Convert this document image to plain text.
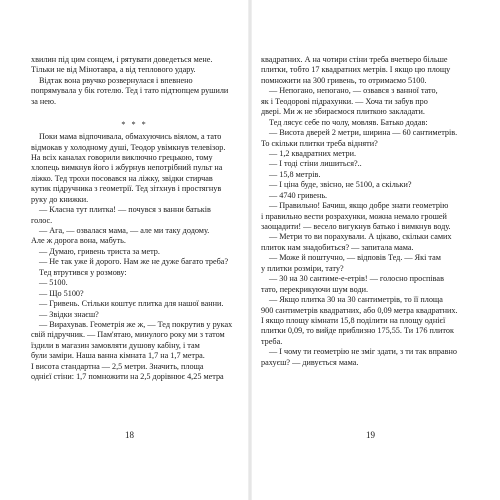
хвилин під цим сонцем, і рятувати доведеться мене.
Тільки не від Мінотавра, а від теплового удару.
Відтак вона рвучко розвернулася і впевнено
попрямувала у бік готелю. Тед і тато підтюпцем рушили
за нею.
* * *
Поки мама відпочивала, обмахуючись віялом, а тато
відмокав у холодному душі, Теодор увімкнув телевізор.
На всіх каналах говорили виключно грецькою, тому
хлопець вимкнув його і жбурнув непотрібний пульт на
ліжко. Тед трохи посовався на ліжку, звідки стирчав
кутик підручника з геометрії. Тед зітхнув і простягнув
руку до книжки.
— Класна тут плитка! — почувся з ванни батьків
голос.
— Ага, — озвалася мама, — але ми таку додому.
Але ж дорога вона, мабуть.
— Думаю, гривень триста за метр.
— Не так уже й дорого. Нам же не дуже багато треба?
Тед втрутився у розмову:
— 5100.
— Що 5100?
— Гривень. Стільки коштує плитка для нашої ванни.
— Звідки знаєш?
— Вирахував. Геометрія же ж, — Тед покрутив у руках
свій підручник. — Пам'ятаю, минулого року ми з татом
їздили в магазин замовляти душову кабіну, і там
були заміри. Наша ванна кімната 1,7 на 1,7 метра.
І висота стандартна — 2,5 метри. Значить, площа
однієї стіни: 1,7 помножити на 2,5 дорівнює 4,25 метра
18
квадратних. А на чотири стіни треба вчетверо більше
плитки, тобто 17 квадратних метрів. І якщо цю площу
помножити на 300 гривень, то отримаємо 5100.
— Непогано, непогано, — озвався з ванної тато,
як і Теодорові підрахунки. — Хоча ти забув про
двері. Ми ж не збираємося плиткою закладати.
Тед лясує себе по чолу, мовляв. Батько додав:
— Висота дверей 2 метри, ширина — 60 сантиметрів.
То скільки плитки треба відняти?
— 1,2 квадратних метри.
— І тоді стіни лишиться?..
— 15,8 метрів.
— І ціна буде, звісно, не 5100, а скільки?
— 4740 гривень.
— Правильно! Бачиш, якщо добре знати геометрію
і правильно вести розрахунки, можна немало грошей
заощадити! — весело вигукнув батько і вимкнув воду.
— Метри то ви порахували. А цікаво, скільки самих
плиток нам знадобиться? — запитала мама.
— Може й поштучно, — відповів Тед. — Які там
у плитки розміри, тату?
— 30 на 30 сантиме-е-етрів! — голосно проспівав
тато, перекрикуючи шум води.
— Якщо плитка 30 на 30 сантиметрів, то її площа
900 сантиметрів квадратних, або 0,09 метра квадратних.
І якщо площу кімнати 15,8 поділити на площу однієї
плитки 0,09, то вийде приблизно 175,55. Ти 176 плиток
треба.
— І чому ти геометрію не зміг здати, з ти так вправно
рахуєш? — дивується мама.
19
